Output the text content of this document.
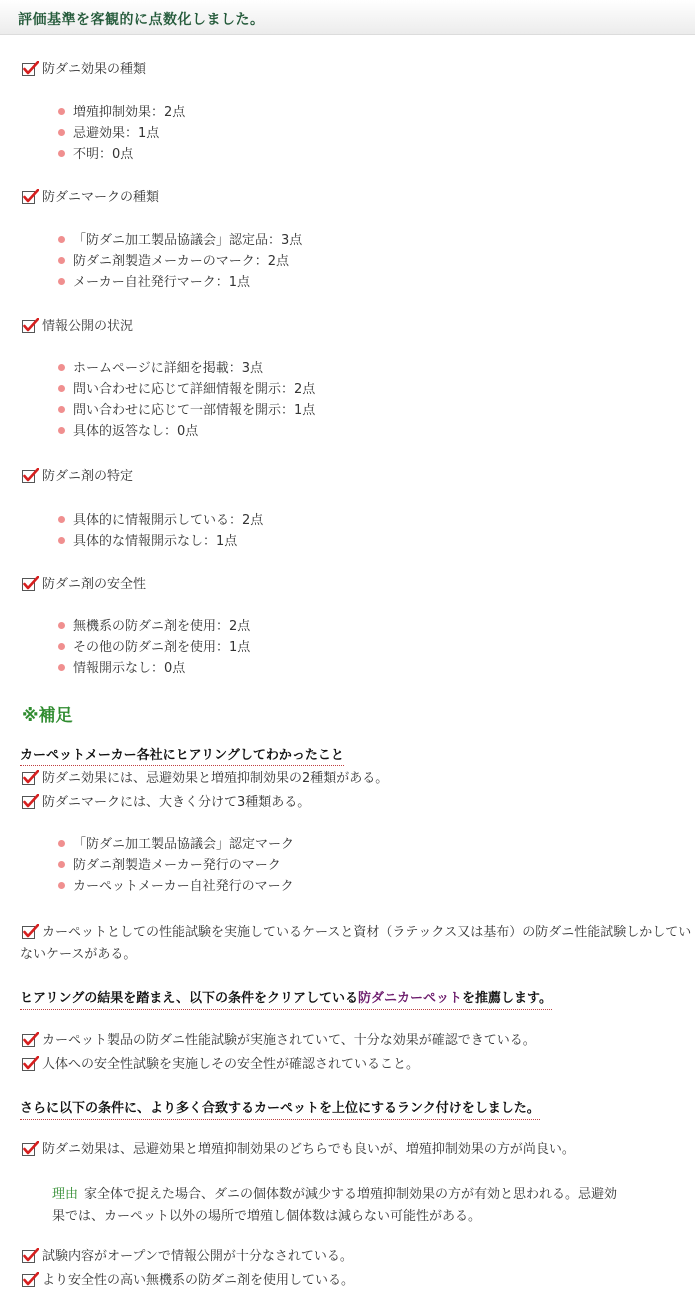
評価基準を客観的に点数化しました。
防ダニ効果の種類
増殖抑制効果：2点
忌避効果：1点
不明：0点
防ダニマークの種類
「防ダニ加工製品協議会」認定品：3点
防ダニ剤製造メーカーのマーク：2点
メーカー自社発行マーク：1点
情報公開の状況
ホームページに詳細を掲載：3点
問い合わせに応じて詳細情報を開示：2点
問い合わせに応じて一部情報を開示：1点
具体的返答なし：0点
防ダニ剤の特定
具体的に情報開示している：2点
具体的な情報開示なし：1点
防ダニ剤の安全性
無機系の防ダニ剤を使用：2点
その他の防ダニ剤を使用：1点
情報開示なし：0点
※補足
カーペットメーカー各社にヒアリングしてわかったこと
防ダニ効果には、忌避効果と増殖抑制効果の2種類がある。
防ダニマークには、大きく分けて3種類ある。
「防ダニ加工製品協議会」認定マーク
防ダニ剤製造メーカー発行のマーク
カーペットメーカー自社発行のマーク
カーペットとしての性能試験を実施しているケースと資材（ラテックス又は基布）の防ダニ性能試験しかしてい
ないケースがある。
ヒアリングの結果を踏まえ、以下の条件をクリアしている防ダニカーペットを推薦します。
カーペット製品の防ダニ性能試験が実施されていて、十分な効果が確認できている。
人体への安全性試験を実施しその安全性が確認されていること。
さらに以下の条件に、より多く合致するカーペットを上位にするランク付けをしました。
防ダニ効果は、忌避効果と増殖抑制効果のどちらでも良いが、増殖抑制効果の方が尚良い。
理由 家全体で捉えた場合、ダニの個体数が減少する増殖抑制効果の方が有効と思われる。忌避効
果では、カーペット以外の場所で増殖し個体数は減らない可能性がある。
試験内容がオープンで情報公開が十分なされている。
より安全性の高い無機系の防ダニ剤を使用している。
